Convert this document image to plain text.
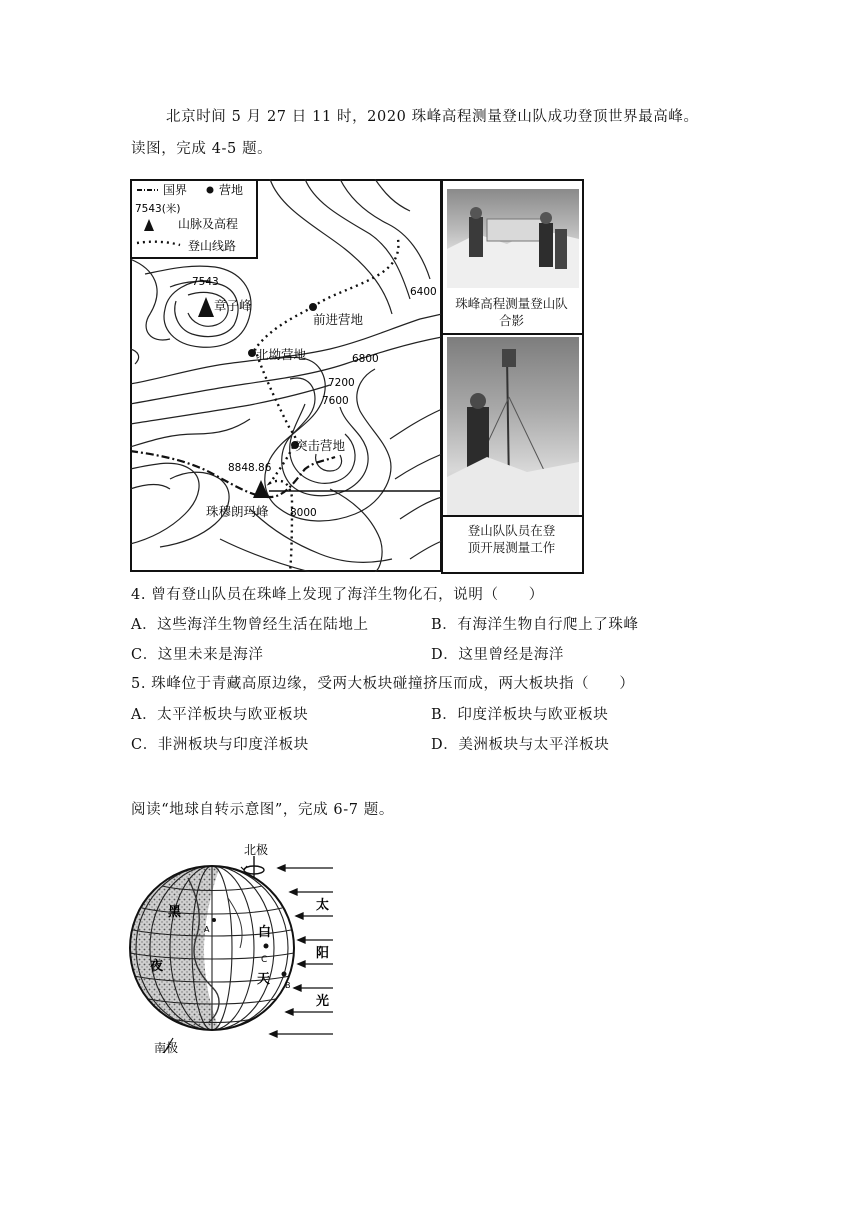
北京时间 5 月 27 日 11 时，2020 珠峰高程测量登山队成功登顶世界最高峰。
读图，完成 4-5 题。
7543
章子峰
前进营地
北坳营地
突击营地
8848.86
珠穆朗玛峰
6400
6800
7200
7600
8000
国界	营地
7543(米)
山脉及高程
登山线路
珠峰高程测量登山队
合影
登山队队员在登
顶开展测量工作
4. 曾有登山队员在珠峰上发现了海洋生物化石，说明（　　）
A．这些海洋生物曾经生活在陆地上	B．有海洋生物自行爬上了珠峰
C．这里未来是海洋	D．这里曾经是海洋
5. 珠峰位于青藏高原边缘，受两大板块碰撞挤压而成，两大板块指（　　）
A．太平洋板块与欧亚板块	B．印度洋板块与欧亚板块
C．非洲板块与印度洋板块	D．美洲板块与太平洋板块
阅读“地球自转示意图”，完成 6-7 题。
北极
南极
黑
夜
白
天
太
阳
光
A
B
C
